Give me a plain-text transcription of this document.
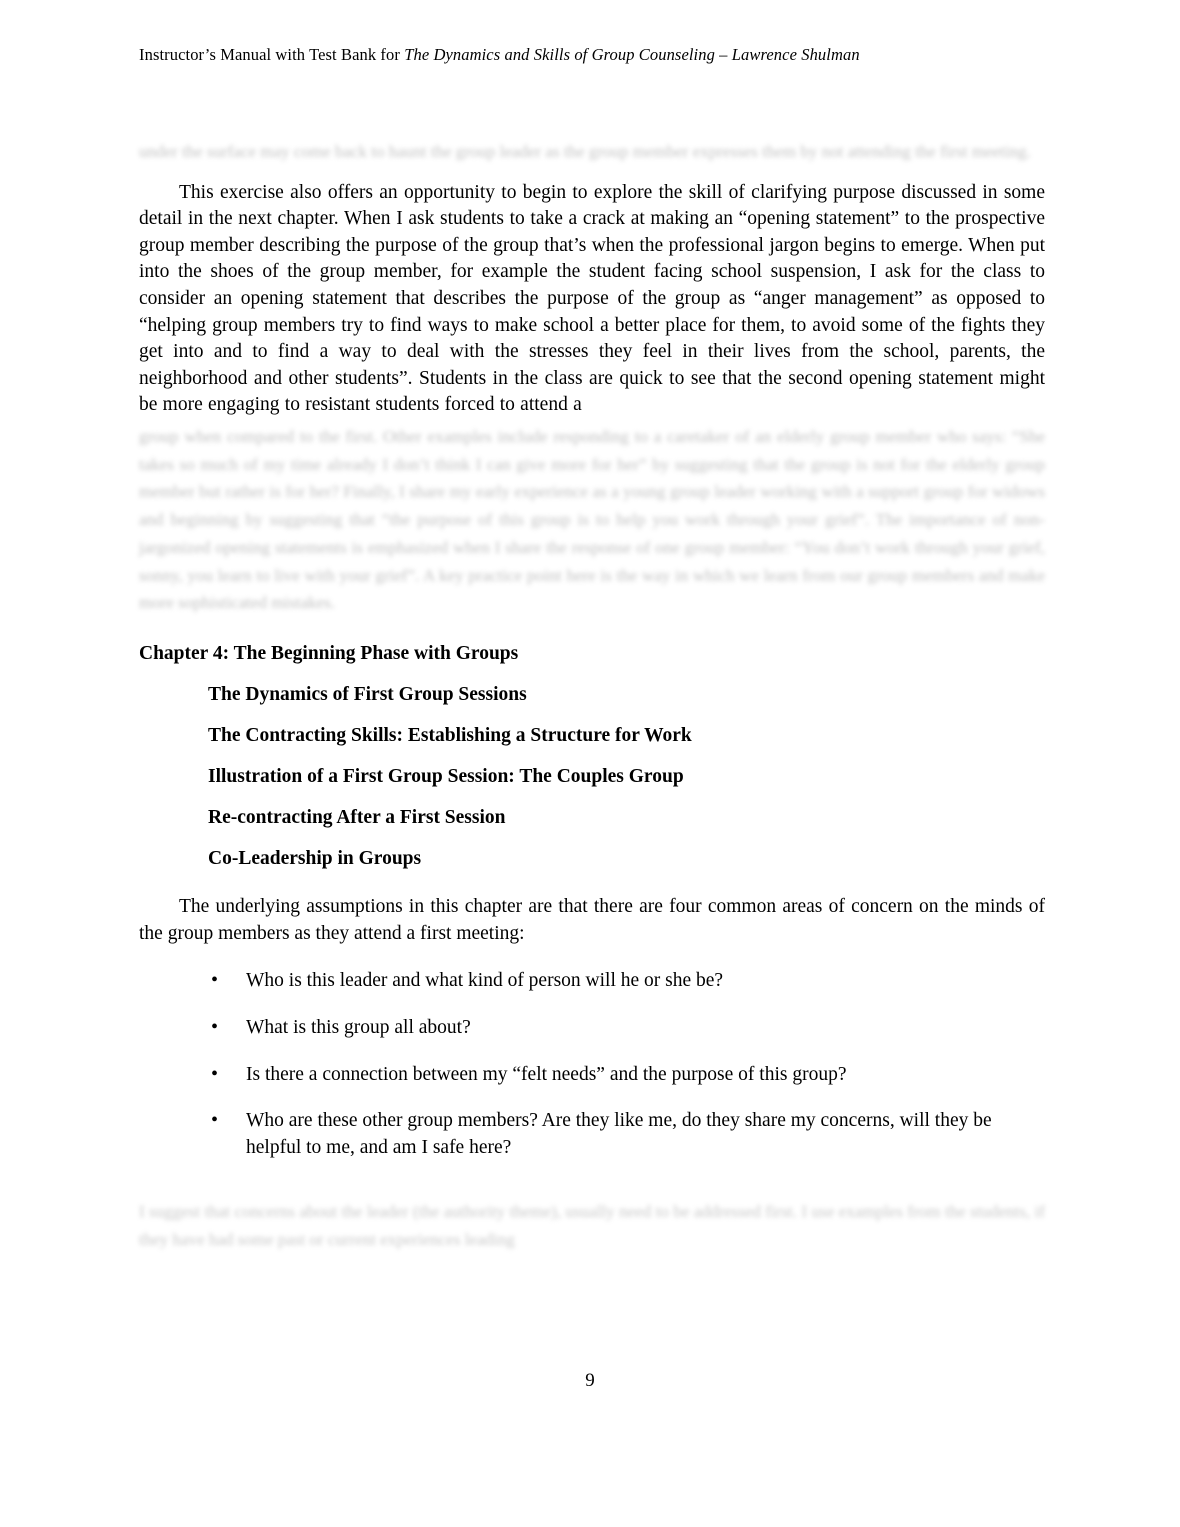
Instructor’s Manual with Test Bank for The Dynamics and Skills of Group Counseling – Lawrence Shulman
under the surface may come back to haunt the group leader as the group member expresses them by not attending the first meeting.

This exercise also offers an opportunity to begin to explore the skill of clarifying purpose discussed in some detail in the next chapter. When I ask students to take a crack at making an “opening statement” to the prospective group member describing the purpose of the group that’s when the professional jargon begins to emerge. When put into the shoes of the group member, for example the student facing school suspension, I ask for the class to consider an opening statement that describes the purpose of the group as “anger management” as opposed to “helping group members try to find ways to make school a better place for them, to avoid some of the fights they get into and to find a way to deal with the stresses they feel in their lives from the school, parents, the neighborhood and other students”. Students in the class are quick to see that the second opening statement might be more engaging to resistant students forced to attend a

group when compared to the first. Other examples include responding to a caretaker of an elderly group member who says: “She takes so much of my time already I don’t think I can give more for her” by suggesting that the group is not for the elderly group member but rather is for her? Finally, I share my early experience as a young group leader working with a support group for widows and beginning by suggesting that “the purpose of this group is to help you work through your grief”. The importance of non-jargonized opening statements is emphasized when I share the response of one group member: “You don’t work through your grief, sonny, you learn to live with your grief”. A key practice point here is the way in which we learn from our group members and make more sophisticated mistakes.
Chapter 4: The Beginning Phase with Groups
The Dynamics of First Group Sessions
The Contracting Skills: Establishing a Structure for Work
Illustration of a First Group Session: The Couples Group
Re-contracting After a First Session
Co-Leadership in Groups

The underlying assumptions in this chapter are that there are four common areas of concern on the minds of the group members as they attend a first meeting:

• Who is this leader and what kind of person will he or she be?
• What is this group all about?
• Is there a connection between my “felt needs” and the purpose of this group?
• Who are these other group members? Are they like me, do they share my concerns, will they be helpful to me, and am I safe here?
I suggest that concerns about the leader (the authority theme), usually need to be addressed first. I use examples from the students, if they have had some past or current experiences leading
9
